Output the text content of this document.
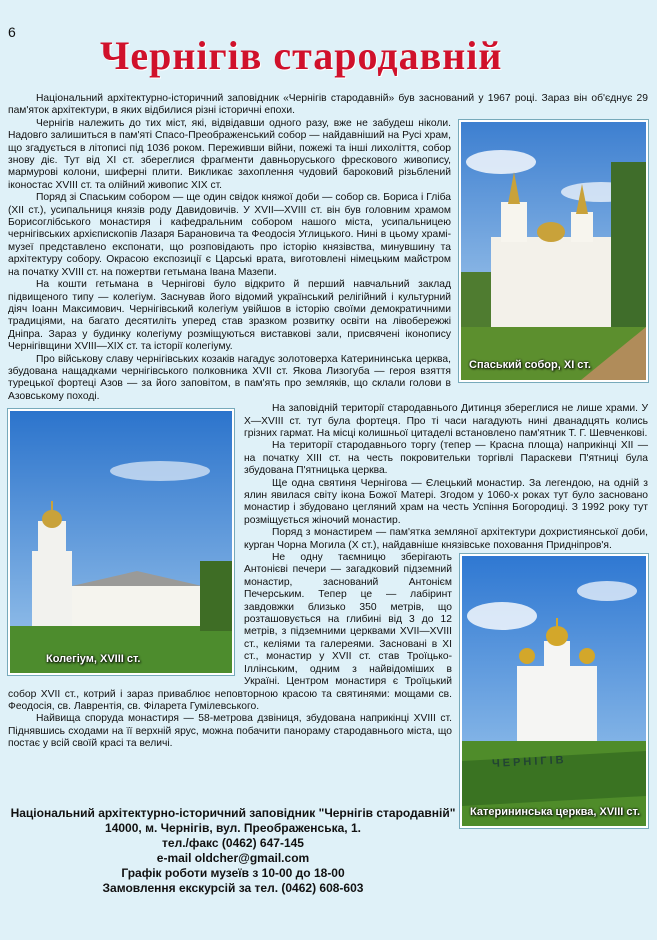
6
Чернігів стародавній

Національний архітектурно-історичний заповідник «Чернігів стародавній» був заснований у 1967 році. Зараз він об'єднує 29 пам'яток архітектури, в яких відбилися різні історичні епохи.

Спаський собор, XI ст.

Чернігів належить до тих міст, які, відвідавши одного разу, вже не забудеш ніколи. Надовго залишиться в пам'яті Спасо-Преображенський собор — найдавніший на Русі храм, що згадується в літописі під 1036 роком. Переживши війни, пожежі та інші лихоліття, собор знову діє. Тут від XI ст. збереглися фрагменти давньоруського фрескового живопису, мармурові колони, шиферні плити. Викликає захоплення чудовий бароковий різьблений іконостас XVIII ст. та олійний живопис XIX ст.

Поряд зі Спаським собором — ще один свідок княжої доби — собор св. Бориса і Гліба (XII ст.), усипальниця князів роду Давидовичів. У XVII—XVIII ст. він був головним храмом Борисоглібського монастиря і кафедральним собором нашого міста, усипальницею чернігівських архієпископів Лазаря Барановича та Феодосія Углицького. Нині в цьому храмі-музеї представлено експонати, що розповідають про історію князівства, минувшину та архітектуру собору. Окрасою експозиції є Царські врата, виготовлені німецьким майстром на початку XVIII ст. на пожертви гетьмана Івана Мазепи.

На кошти гетьмана в Чернігові було відкрито й перший навчальний заклад підвищеного типу — колегіум. Заснував його відомий український релігійний і культурний діяч Іоанн Максимович. Чернігівський колегіум увійшов в історію своїми демократичними традиціями, на багато десятиліть уперед став зразком розвитку освіти на лівобережжі Дніпра. Зараз у будинку колегіуму розміщуються виставкові зали, присвячені іконопису Чернігівщини XVIII—XIX ст. та історії колегіуму.

Про військову славу чернігівських козаків нагадує золотоверха Катерининська церква, збудована нащадками чернігівського полковника XVII ст. Якова Лизогуба — героя взяття турецької фортеці Азов — за його заповітом, в пам'ять про земляків, що склали голови в Азовському поході.

Колегіум, XVIII ст.

На заповідній території стародавнього Дитинця збереглися не лише храми. У X—XVIII ст. тут була фортеця. Про ті часи нагадують нині дванадцять колись грізних гармат. На місці колишньої цитаделі встановлено пам'ятник Т. Г. Шевченкові.

На території стародавнього торгу (тепер — Красна площа) наприкінці XII — на початку XIII ст. на честь покровительки торгівлі Параскеви П'ятниці була збудована П'ятницька церква.

Ще одна святиня Чернігова — Єлецький монастир. За легендою, на одній з ялин явилася світу ікона Божої Матері. Згодом у 1060-х роках тут було засновано монастир і збудовано цегляний храм на честь Успіння Богородиці. З 1992 року тут розміщується жіночий монастир.

Поряд з монастирем — пам'ятка земляної архітектури дохристиянської доби, курган Чорна Могила (X ст.), найдавніше князівське поховання Придніпров'я.

ЧЕРНІГІВ
Катерининська церква, XVIII ст.

Не одну таємницю зберігають Антонієві печери — загадковий підземний монастир, заснований Антонієм Печерським. Тепер це — лабіринт завдовжки близько 350 метрів, що розташовується на глибині від 3 до 12 метрів, з підземними церквами XVII—XVIII ст., келіями та галереями. Засновані в XI ст., монастир у XVII ст. став Троїцько-Іллінським, одним з найвідоміших в Україні. Центром монастиря є Троїцький собор XVII ст., котрий і зараз приваблює неповторною красою та святинями: мощами св. Феодосія, св. Лаврентія, св. Філарета Гумілевського.

Найвища споруда монастиря — 58-метрова дзвіниця, збудована наприкінці XVIII ст. Піднявшись сходами на її верхній ярус, можна побачити панораму стародавнього міста, що постає у всій своїй красі та величі.

Національний архітектурно-історичний заповідник "Чернігів стародавній"
14000, м. Чернігів, вул. Преображенська, 1.
тел./факс (0462) 647-145
e-mail oldcher@gmail.com
Графік роботи музеїв з 10-00 до 18-00
Замовлення екскурсій за тел. (0462) 608-603
